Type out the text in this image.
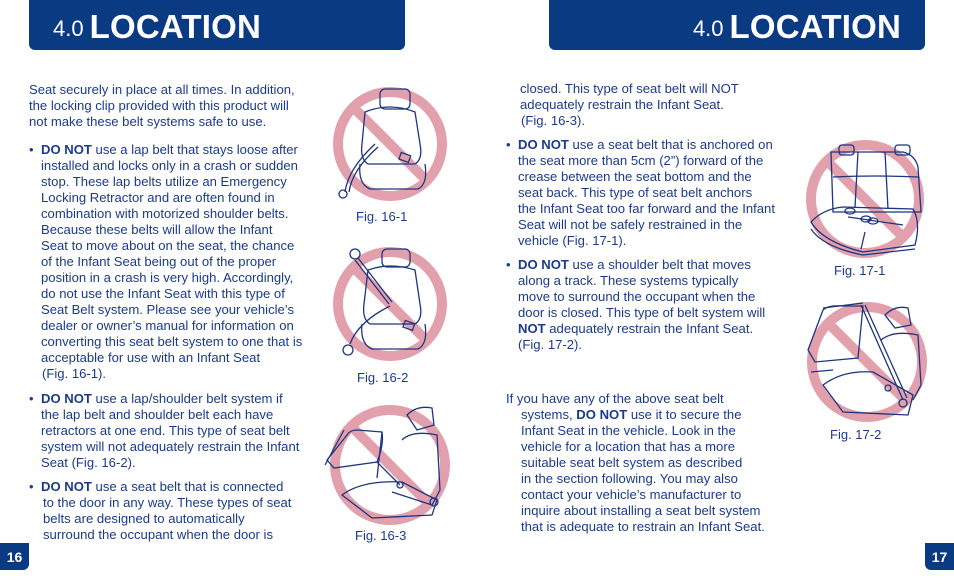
4.0 LOCATION

Seat securely in place at all times. In addition,

the locking clip provided with this product will

not make these belt systems safe to use.

• DO NOT use a lap belt that stays loose after

installed and locks only in a crash or sudden

stop. These lap belts utilize an Emergency

Locking Retractor and are often found in

combination with motorized shoulder belts.

Because these belts will allow the Infant

Seat to move about on the seat, the chance

of the Infant Seat being out of the proper

position in a crash is very high. Accordingly,

do not use the Infant Seat with this type of

Seat Belt system. Please see your vehicle’s

dealer or owner’s manual for information on

converting this seat belt system to one that is

acceptable for use with an Infant Seat

(Fig. 16-1).

• DO NOT use a lap/shoulder belt system if

the lap belt and shoulder belt each have

retractors at one end. This type of seat belt

system will not adequately restrain the Infant

Seat (Fig. 16-2).

• DO NOT use a seat belt that is connected

to the door in any way. These types of seat

belts are designed to automatically

surround the occupant when the door is

Fig. 16-1
Fig. 16-2
Fig. 16-3
16
4.0 LOCATION

closed. This type of seat belt will NOT

adequately restrain the Infant Seat.

(Fig. 16-3).

• DO NOT use a seat belt that is anchored on

the seat more than 5cm (2”) forward of the

crease between the seat bottom and the

seat back. This type of seat belt anchors

the Infant Seat too far forward and the Infant

Seat will not be safely restrained in the

vehicle (Fig. 17-1).

• DO NOT use a shoulder belt that moves

along a track. These systems typically

move to surround the occupant when the

door is closed. This type of belt system will

NOT adequately restrain the Infant Seat.

(Fig. 17-2).

If you have any of the above seat belt

systems, DO NOT use it to secure the

Infant Seat in the vehicle. Look in the

vehicle for a location that has a more

suitable seat belt system as described

in the section following. You may also

contact your vehicle’s manufacturer to

inquire about installing a seat belt system

that is adequate to restrain an Infant Seat.

Fig. 17-1
Fig. 17-2
17
